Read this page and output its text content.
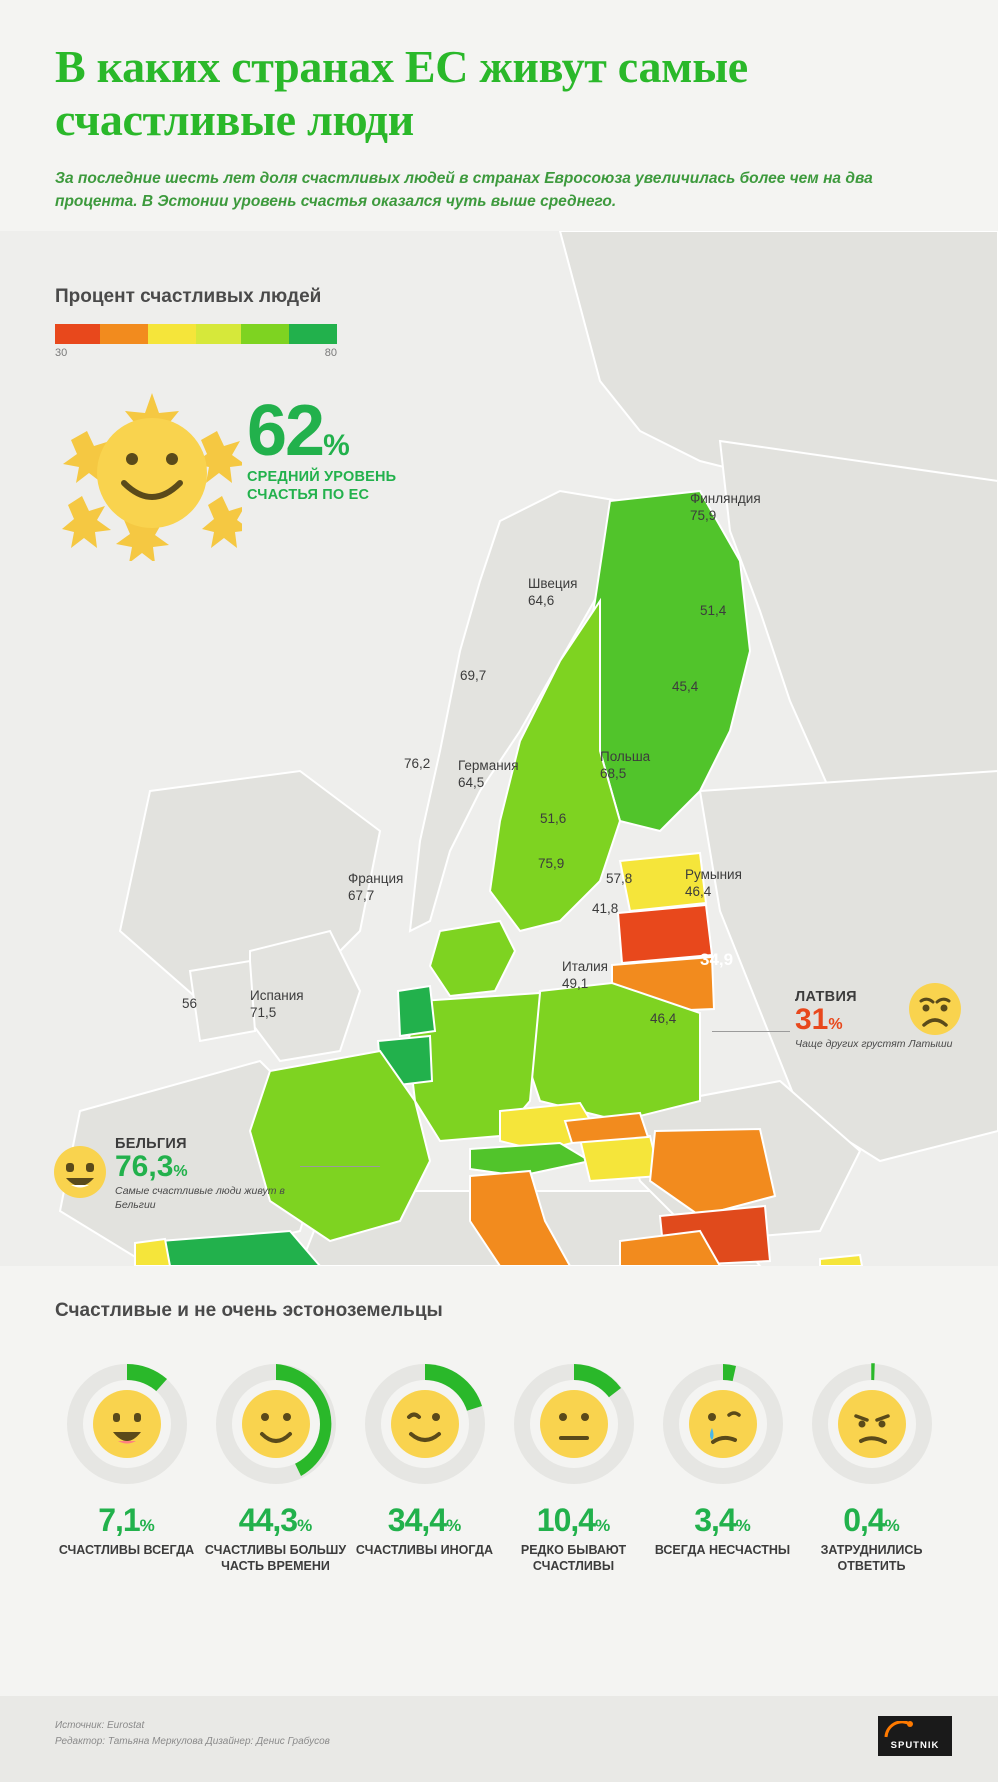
В каких странах ЕС живут самые счастливые люди
За последние шесть лет доля счастливых людей в странах Евросоюза увеличилась более чем на два процента. В Эстонии уровень счастья оказался чуть выше среднего.
Процент счастливых людей
30	80
62%
СРЕДНИЙ УРОВЕНЬ
СЧАСТЬЯ ПО ЕС	Финляндия
75,9
Швеция
64,6
51,4
45,4
69,7
Польша
68,5
76,2 Германия
64,5
51,6
75,9
57,8
41,8
Румыния
46,4
Франция
67,7
Италия
49,1
34,9
46,4
Испания
71,5
56	ЛАТВИЯ
31%
Чаще других грустят Латыши
БЕЛЬГИЯ
76,3%
Самые счастливые люди живут в Бельгии
Счастливые и не очень эстоноземельцы
7,1%
СЧАСТЛИВЫ ВСЕГДА
44,3%
СЧАСТЛИВЫ БОЛЬШУ ЧАСТЬ ВРЕМЕНИ
34,4%
СЧАСТЛИВЫ ИНОГДА
10,4%
РЕДКО БЫВАЮТ СЧАСТЛИВЫ
3,4%
ВСЕГДА НЕСЧАСТНЫ
0,4%
ЗАТРУДНИЛИСЬ ОТВЕТИТЬ
Источник: Eurostat
Редактор: Татьяна Меркулова Дизайнер: Денис Грабусов	SPUTNIK
